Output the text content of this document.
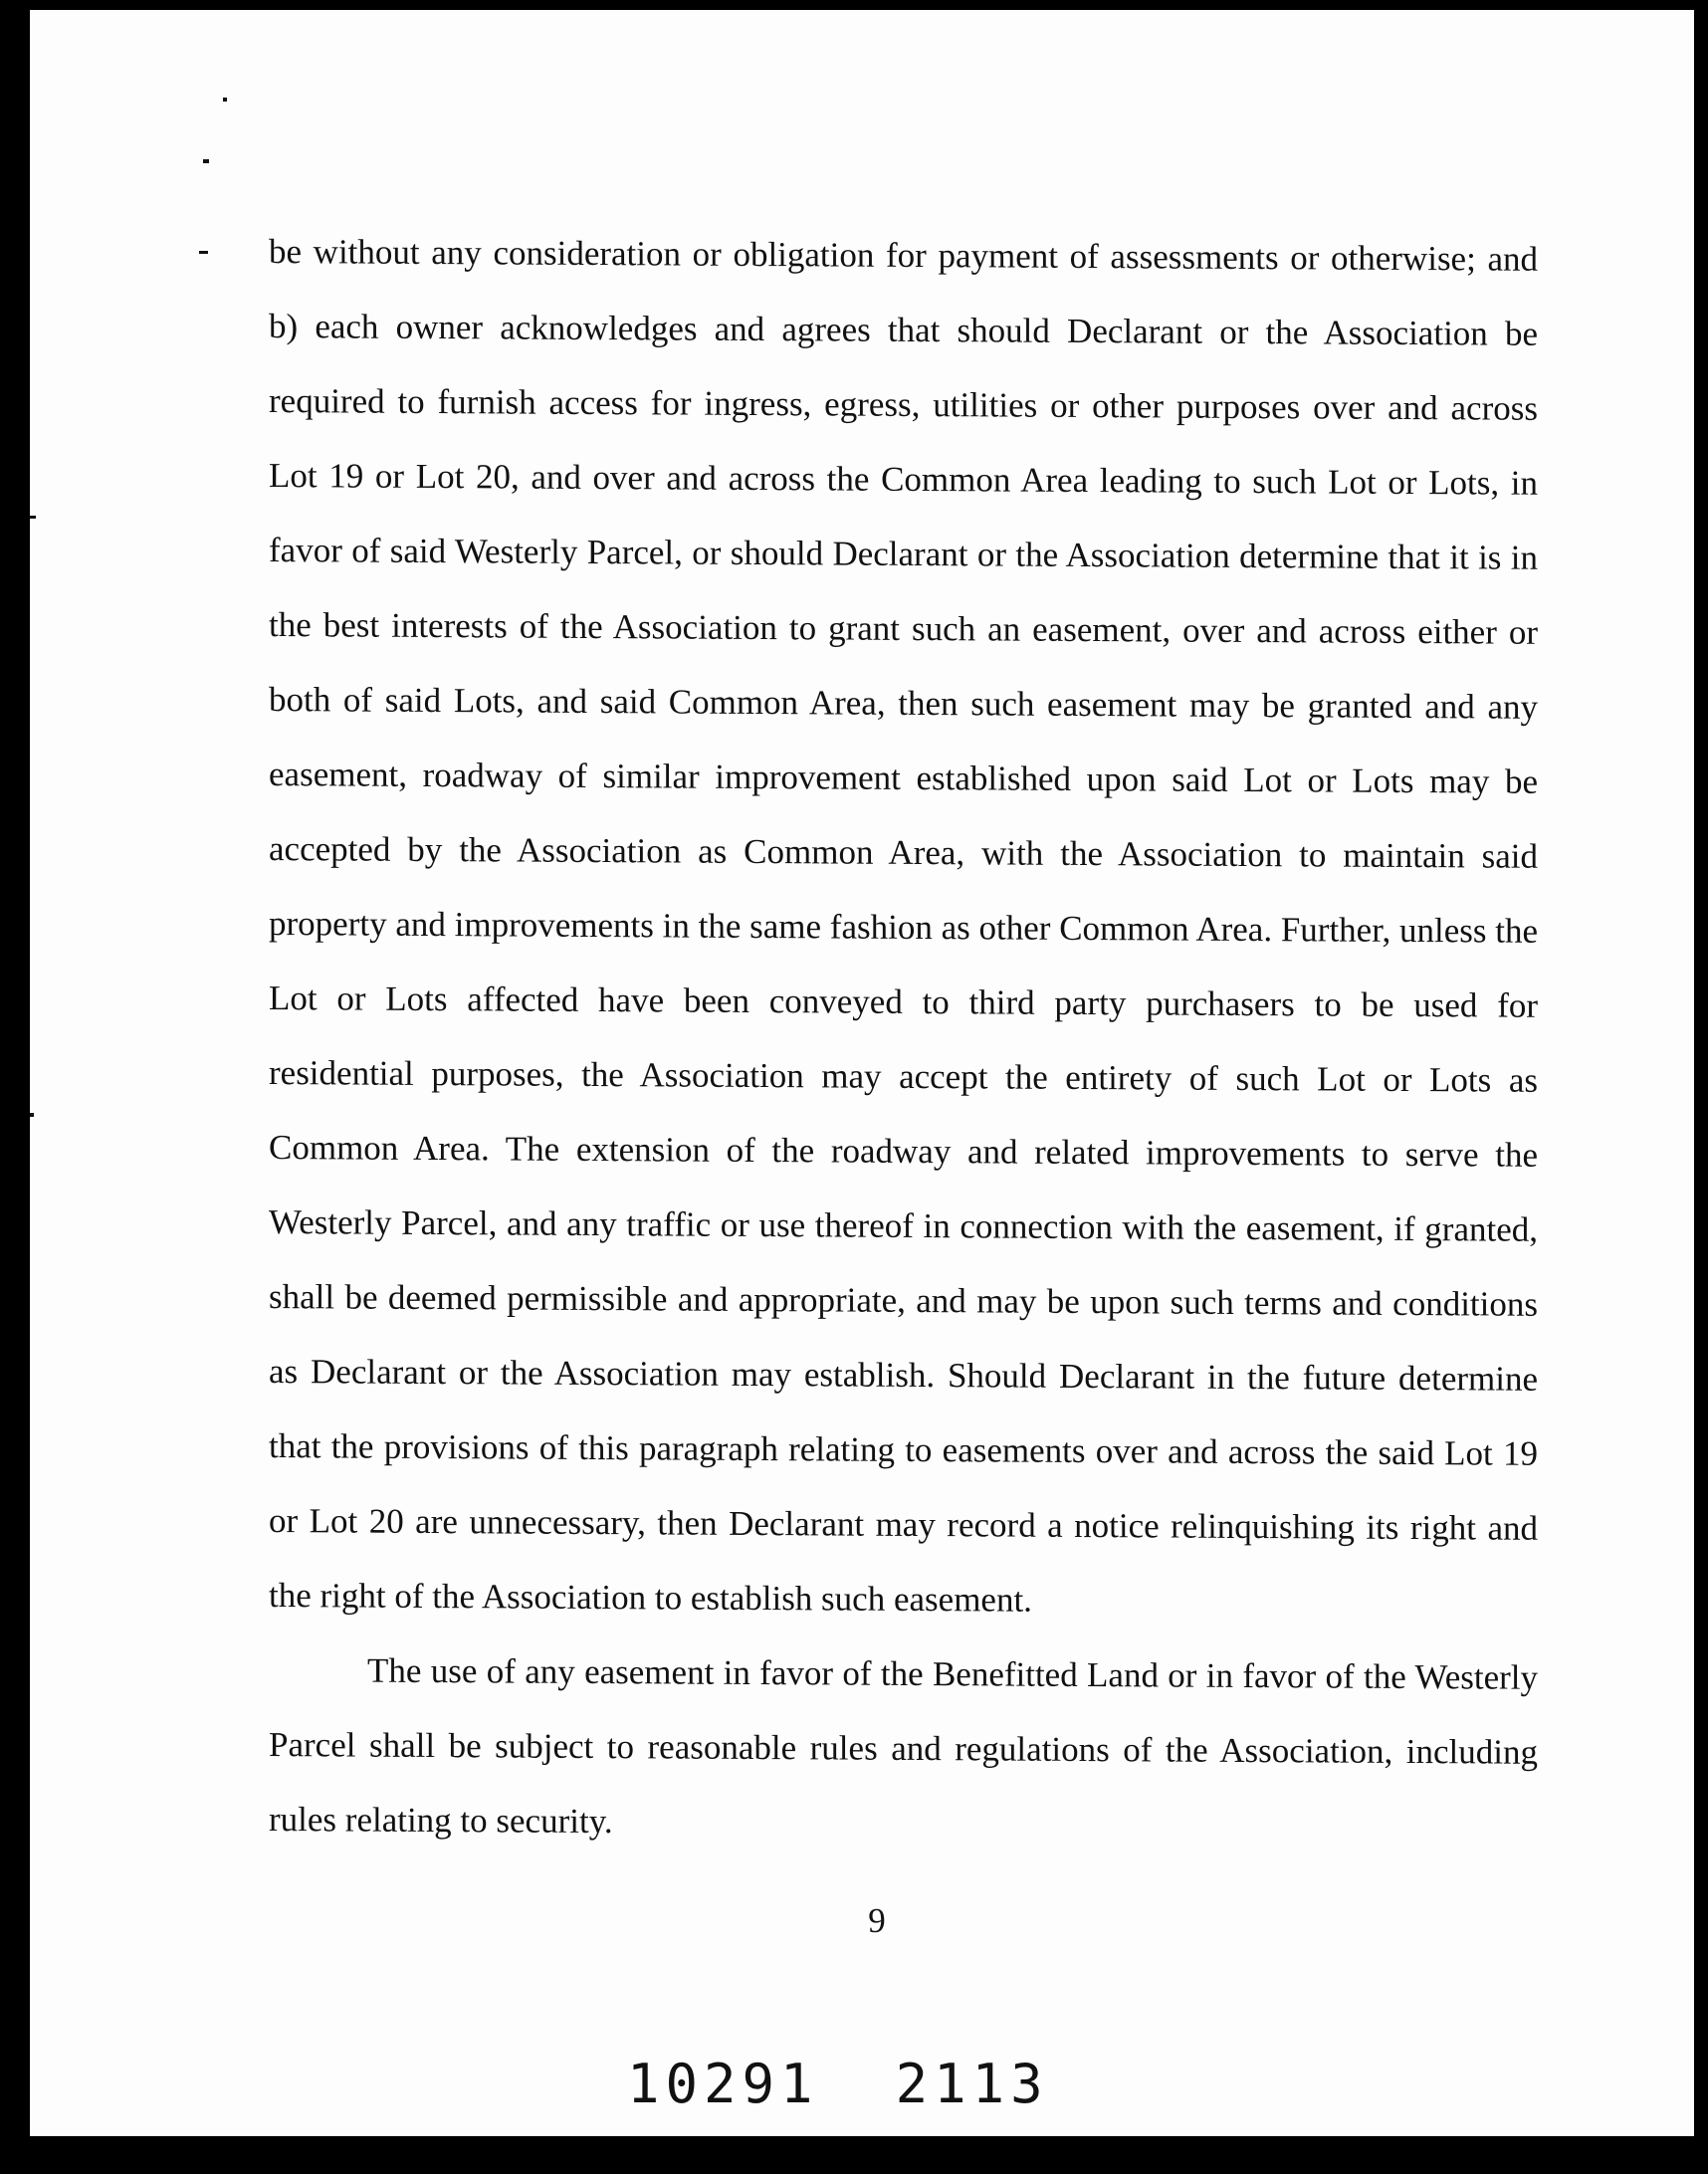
be without any consideration or obligation for payment of assessments or otherwise; and b) each owner acknowledges and agrees that should Declarant or the Association be required to furnish access for ingress, egress, utilities or other purposes over and across Lot 19 or Lot 20, and over and across the Common Area leading to such Lot or Lots, in favor of said Westerly Parcel, or should Declarant or the Association determine that it is in the best interests of the Association to grant such an easement, over and across either or both of said Lots, and said Common Area, then such easement may be granted and any easement, roadway of similar improvement established upon said Lot or Lots may be accepted by the Association as Common Area, with the Association to maintain said property and improvements in the same fashion as other Common Area. Further, unless the Lot or Lots affected have been conveyed to third party purchasers to be used for residential purposes, the Association may accept the entirety of such Lot or Lots as Common Area. The extension of the roadway and related improvements to serve the Westerly Parcel, and any traffic or use thereof in connection with the easement, if granted, shall be deemed permissible and appropriate, and may be upon such terms and conditions as Declarant or the Association may establish. Should Declarant in the future determine that the provisions of this paragraph relating to easements over and across the said Lot 19 or Lot 20 are unnecessary, then Declarant may record a notice relinquishing its right and the right of the Association to establish such easement.

The use of any easement in favor of the Benefitted Land or in favor of the Westerly Parcel shall be subject to reasonable rules and regulations of the Association, including rules relating to security.

9
10291  2113
